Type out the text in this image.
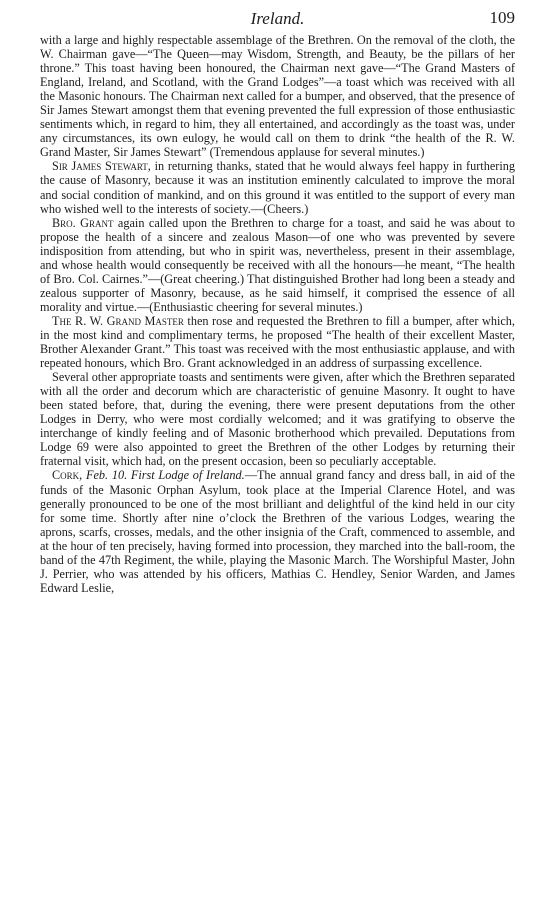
Ireland.	109

with a large and highly respectable assemblage of the Brethren. On the removal of the cloth, the W. Chairman gave—“The Queen—may Wisdom, Strength, and Beauty, be the pillars of her throne.” This toast having been honoured, the Chairman next gave—“The Grand Masters of England, Ireland, and Scotland, with the Grand Lodges”—a toast which was received with all the Masonic honours. The Chairman next called for a bumper, and observed, that the presence of Sir James Stewart amongst them that evening prevented the full expression of those enthusiastic sentiments which, in regard to him, they all entertained, and accordingly as the toast was, under any circumstances, its own eulogy, he would call on them to drink “the health of the R. W. Grand Master, Sir James Stewart” (Tremendous applause for several minutes.)

Sir James Stewart, in returning thanks, stated that he would always feel happy in furthering the cause of Masonry, because it was an institution eminently calculated to improve the moral and social condition of mankind, and on this ground it was entitled to the support of every man who wished well to the interests of society.—(Cheers.)

Bro. Grant again called upon the Brethren to charge for a toast, and said he was about to propose the health of a sincere and zealous Mason—of one who was prevented by severe indisposition from attending, but who in spirit was, nevertheless, present in their assemblage, and whose health would consequently be received with all the honours—he meant, “The health of Bro. Col. Cairnes.”—(Great cheering.) That distinguished Brother had long been a steady and zealous supporter of Masonry, because, as he said himself, it comprised the essence of all morality and virtue.—(Enthusiastic cheering for several minutes.)

The R. W. Grand Master then rose and requested the Brethren to fill a bumper, after which, in the most kind and complimentary terms, he proposed “The health of their excellent Master, Brother Alexander Grant.” This toast was received with the most enthusiastic applause, and with repeated honours, which Bro. Grant acknowledged in an address of surpassing excellence.

Several other appropriate toasts and sentiments were given, after which the Brethren separated with all the order and decorum which are characteristic of genuine Masonry. It ought to have been stated before, that, during the evening, there were present deputations from the other Lodges in Derry, who were most cordially welcomed; and it was gratifying to observe the interchange of kindly feeling and of Masonic brotherhood which prevailed. Deputations from Lodge 69 were also appointed to greet the Brethren of the other Lodges by returning their fraternal visit, which had, on the present occasion, been so peculiarly acceptable.

Cork, Feb. 10. First Lodge of Ireland.—The annual grand fancy and dress ball, in aid of the funds of the Masonic Orphan Asylum, took place at the Imperial Clarence Hotel, and was generally pronounced to be one of the most brilliant and delightful of the kind held in our city for some time. Shortly after nine o’clock the Brethren of the various Lodges, wearing the aprons, scarfs, crosses, medals, and the other insignia of the Craft, commenced to assemble, and at the hour of ten precisely, having formed into procession, they marched into the ball-room, the band of the 47th Regiment, the while, playing the Masonic March. The Worshipful Master, John J. Perrier, who was attended by his officers, Mathias C. Hendley, Senior Warden, and James Edward Leslie,
